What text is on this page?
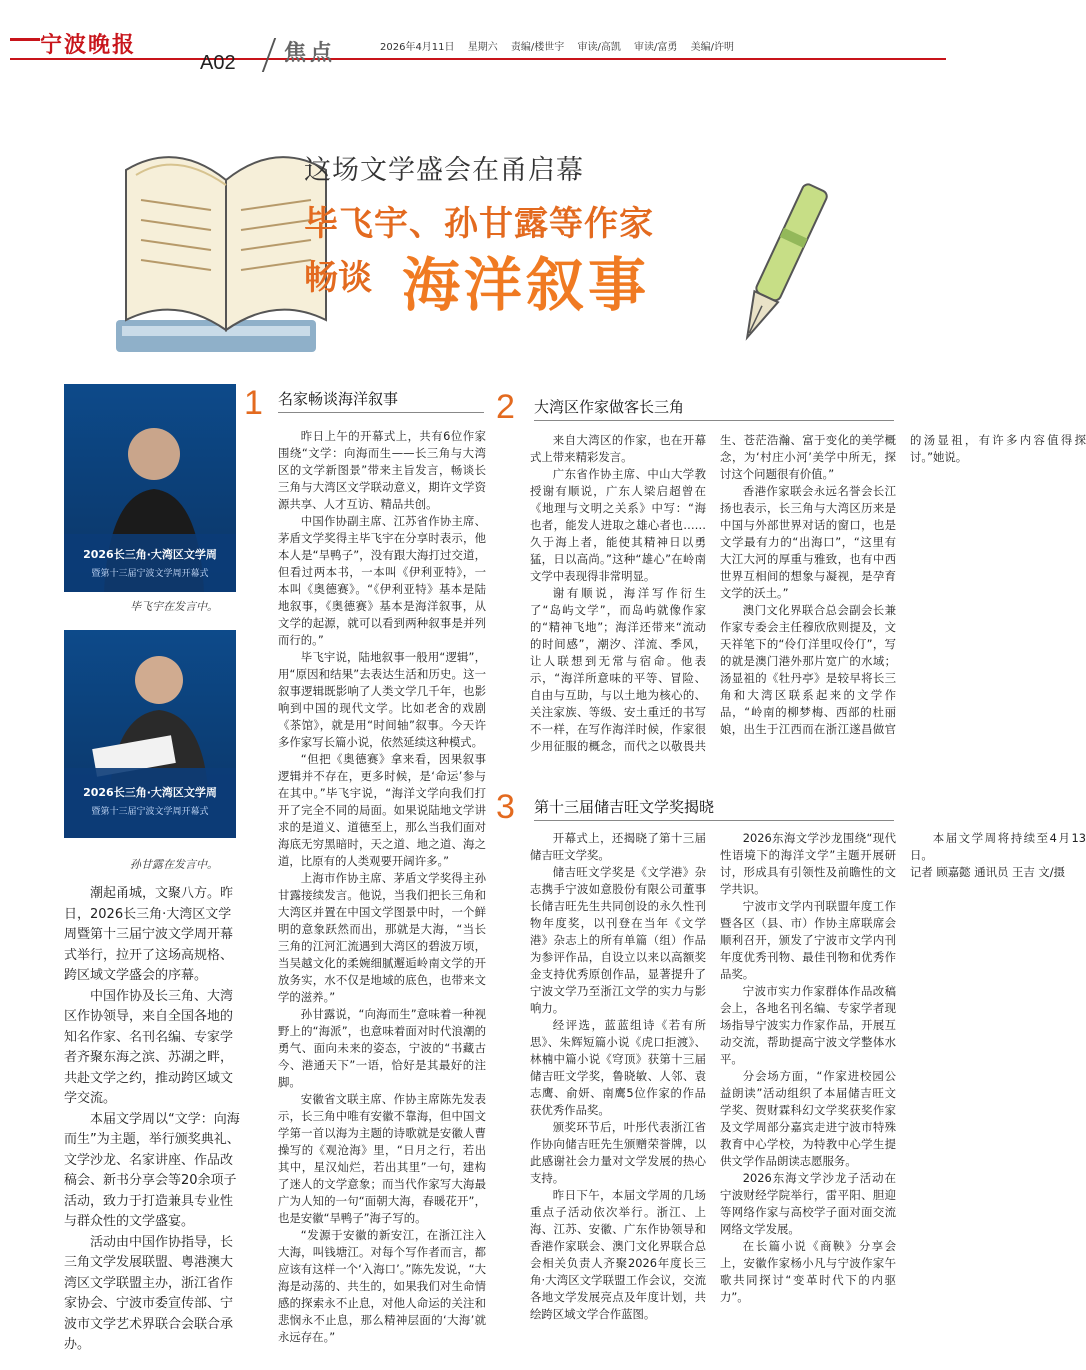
宁波晚报
A02 焦点	2026年4月11日 星期六 责编/楼世宇 审读/高凯 审读/富勇 美编/许明
这场文学盛会在甬启幕
毕飞宇、孙甘露等作家
畅谈 海洋叙事
2026长三角·大湾区文学周
暨第十三届宁波文学周开幕式
毕飞宇在发言中。
2026长三角·大湾区文学周
暨第十三届宁波文学周开幕式
孙甘露在发言中。

潮起甬城，文聚八方。昨日，2026长三角·大湾区文学周暨第十三届宁波文学周开幕式举行，拉开了这场高规格、跨区域文学盛会的序幕。

中国作协及长三角、大湾区作协领导，来自全国各地的知名作家、名刊名编、专家学者齐聚东海之滨、苏湖之畔，共赴文学之约，推动跨区域文学交流。

本届文学周以“文学：向海而生”为主题，举行颁奖典礼、文学沙龙、名家讲座、作品改稿会、新书分享会等20余项子活动，致力于打造兼具专业性与群众性的文学盛宴。

活动由中国作协指导，长三角文学发展联盟、粤港澳大湾区文学联盟主办，浙江省作家协会、宁波市委宣传部、宁波市文学艺术界联合会联合承办。

1 名家畅谈海洋叙事

昨日上午的开幕式上，共有6位作家围绕“文学：向海而生——长三角与大湾区的文学新图景”带来主旨发言，畅谈长三角与大湾区文学联动意义，期许文学资源共享、人才互访、精品共创。

中国作协副主席、江苏省作协主席、茅盾文学奖得主毕飞宇在分享时表示，他本人是“旱鸭子”，没有跟大海打过交道，但看过两本书，一本叫《伊利亚特》，一本叫《奥德赛》。“《伊利亚特》基本是陆地叙事，《奥德赛》基本是海洋叙事，从文学的起源，就可以看到两种叙事是并列而行的。”

毕飞宇说，陆地叙事一般用“逻辑”，用“原因和结果”去表达生活和历史。这一叙事逻辑既影响了人类文学几千年，也影响到中国的现代文学。比如老舍的戏剧《茶馆》，就是用“时间轴”叙事。今天许多作家写长篇小说，依然延续这种模式。

“但把《奥德赛》拿来看，因果叙事逻辑并不存在，更多时候，是‘命运’参与在其中。”毕飞宇说，“海洋文学向我们打开了完全不同的局面。如果说陆地文学讲求的是道义、道德至上，那么当我们面对海底无穷黑暗时，天之道、地之道、海之道，比原有的人类观要开阔许多。”

上海市作协主席、茅盾文学奖得主孙甘露接续发言。他说，当我们把长三角和大湾区并置在中国文学图景中时，一个鲜明的意象跃然而出，那就是大海，“当长三角的江河汇流遇到大湾区的碧波万顷，当吴越文化的柔婉细腻邂逅岭南文学的开放务实，水不仅是地域的底色，也带来文学的滋养。”

孙甘露说，“向海而生”意味着一种视野上的“海派”，也意味着面对时代浪潮的勇气、面向未来的姿态，宁波的“书藏古今、港通天下”一语，恰好是其最好的注脚。

安徽省文联主席、作协主席陈先发表示，长三角中唯有安徽不靠海，但中国文学第一首以海为主题的诗歌就是安徽人曹操写的《观沧海》里，“日月之行，若出其中，星汉灿烂，若出其里”一句，建构了迷人的文学意象；而当代作家写大海最广为人知的一句“面朝大海，春暖花开”，也是安徽“旱鸭子”海子写的。

“发源于安徽的新安江，在浙江注入大海，叫钱塘江。对每个写作者而言，都应该有这样一个‘入海口’。”陈先发说，“大海是动荡的、共生的，如果我们对生命情感的探索永不止息，对他人命运的关注和悲悯永不止息，那么精神层面的‘大海’就永远存在。”

2 大湾区作家做客长三角

来自大湾区的作家，也在开幕式上带来精彩发言。

广东省作协主席、中山大学教授谢有顺说，广东人梁启超曾在《地理与文明之关系》中写：“海也者，能发人进取之雄心者也……久于海上者，能使其精神日以勇猛，日以高尚。”这种“雄心”在岭南文学中表现得非常明显。

谢有顺说，海洋写作衍生了“岛屿文学”，而岛屿就像作家的“精神飞地”；海洋还带来“流动的时间感”，潮汐、洋流、季风，让人联想到无常与宿命。他表示，“海洋所意味的平等、冒险、自由与互助，与以土地为核心的、关注家族、等级、安土重迁的书写不一样，在写作海洋时候，作家很少用征服的概念，而代之以敬畏共生、苍茫浩瀚、富于变化的美学概念，为‘村庄小河’美学中所无，探讨这个问题很有价值。”

香港作家联会永远名誉会长江扬也表示，长三角与大湾区历来是中国与外部世界对话的窗口，也是文学最有力的“出海口”，“这里有大江大河的厚重与雅致，也有中西世界互相间的想象与凝视，是孕育文学的沃土。”

澳门文化界联合总会副会长兼作家专委会主任穆欣欣则提及，文天祥笔下的“伶仃洋里叹伶仃”，写的就是澳门港外那片宽广的水域；汤显祖的《牡丹亭》是较早将长三角和大湾区联系起来的文学作品，“岭南的柳梦梅、西部的杜丽娘，出生于江西而在浙江遂昌做官的汤显祖，有许多内容值得探讨。”她说。

3 第十三届储吉旺文学奖揭晓

开幕式上，还揭晓了第十三届储吉旺文学奖。

储吉旺文学奖是《文学港》杂志携手宁波如意股份有限公司董事长储吉旺先生共同创设的永久性刊物年度奖，以刊登在当年《文学港》杂志上的所有单篇（组）作品为参评作品，自设立以来以高额奖金支持优秀原创作品，显著提升了宁波文学乃至浙江文学的实力与影响力。

经评选，蓝蓝组诗《若有所思》、朱辉短篇小说《虎口拒渡》、林楠中篇小说《穹顶》获第十三届储吉旺文学奖，鲁晓敏、人邻、袁志鹰、俞妍、南鹰5位作家的作品获优秀作品奖。

颁奖环节后，叶彤代表浙江省作协向储吉旺先生颁赠荣誉牌，以此感谢社会力量对文学发展的热心支持。

昨日下午，本届文学周的几场重点子活动依次举行。浙江、上海、江苏、安徽、广东作协领导和香港作家联会、澳门文化界联合总会相关负责人齐聚2026年度长三角·大湾区文学联盟工作会议，交流各地文学发展亮点及年度计划，共绘跨区域文学合作蓝图。

2026东海文学沙龙围绕“现代性语境下的海洋文学”主题开展研讨，形成具有引领性及前瞻性的文学共识。

宁波市文学内刊联盟年度工作暨各区（县、市）作协主席联席会顺利召开，颁发了宁波市文学内刊年度优秀刊物、最佳刊物和优秀作品奖。

宁波市实力作家群体作品改稿会上，各地名刊名编、专家学者现场指导宁波实力作家作品，开展互动交流，帮助提高宁波文学整体水平。

分会场方面，“作家进校园公益朗读”活动组织了本届储吉旺文学奖、贺财霖科幻文学奖获奖作家及文学周部分嘉宾走进宁波市特殊教育中心学校，为特教中心学生提供文学作品朗读志愿服务。

2026东海文学沙龙子活动在宁波财经学院举行，雷平阳、胆迎等网络作家与高校学子面对面交流网络文学发展。

在长篇小说《商鞅》分享会上，安徽作家杨小凡与宁波作家午歌共同探讨“变革时代下的内驱力”。

本届文学周将持续至4月13日。

记者 顾嘉懿 通讯员 王吉 文/摄
